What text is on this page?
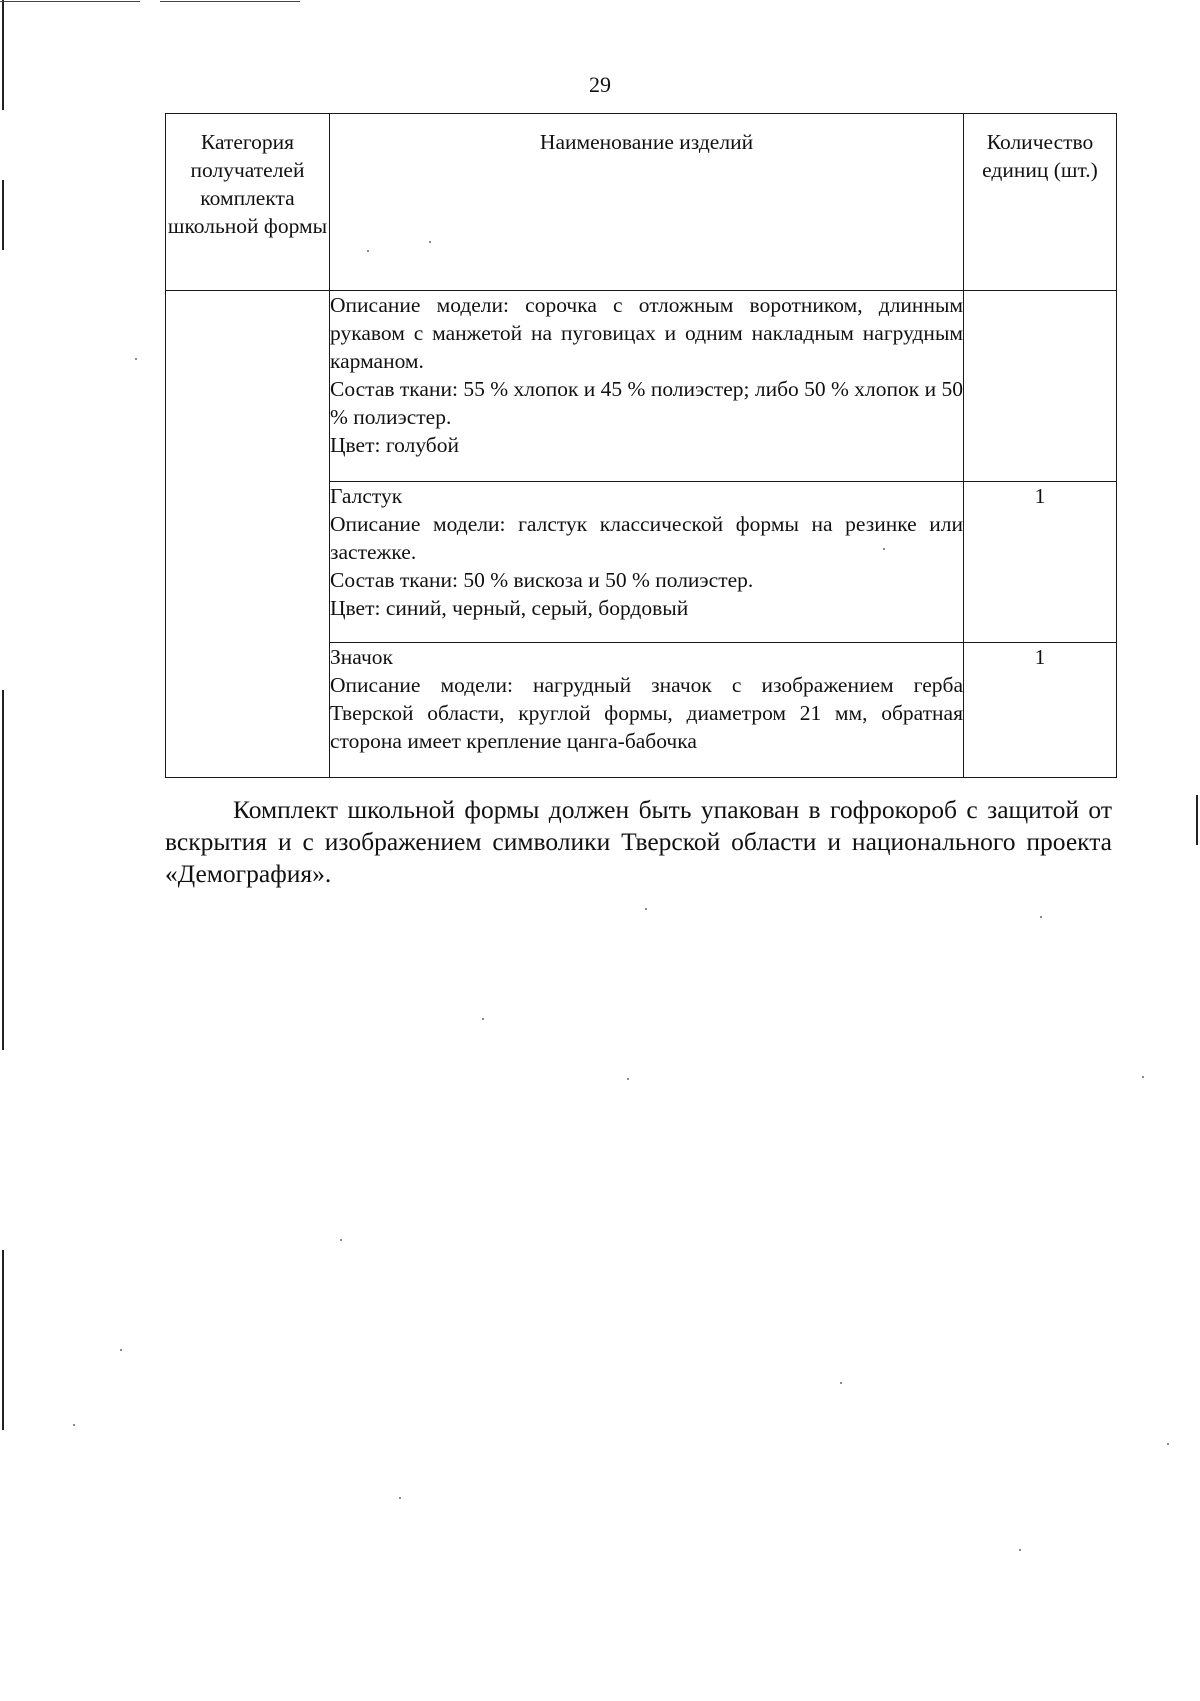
29
Категория получателей комплекта школьной формы	Наименование изделий	Количество единиц (шт.)

	Описание модели: сорочка с отложным воротником, длинным рукавом с манжетой на пуговицах и одним накладным нагрудным карманом.
Состав ткани: 55 % хлопок и 45 % полиэстер; либо 50 % хлопок и 50 % полиэстер.
Цвет: голубой	

	Галстук
Описание модели: галстук классической формы на резинке или застежке.
Состав ткани: 50 % вискоза и 50 % полиэстер.
Цвет: синий, черный, серый, бордовый	1

	Значок
Описание модели: нагрудный значок с изображением герба Тверской области, круглой формы, диаметром 21 мм, обратная сторона имеет крепление цанга-бабочка	1
Комплект школьной формы должен быть упакован в гофрокороб с защитой от вскрытия и с изображением символики Тверской области и национального проекта «Демография».
